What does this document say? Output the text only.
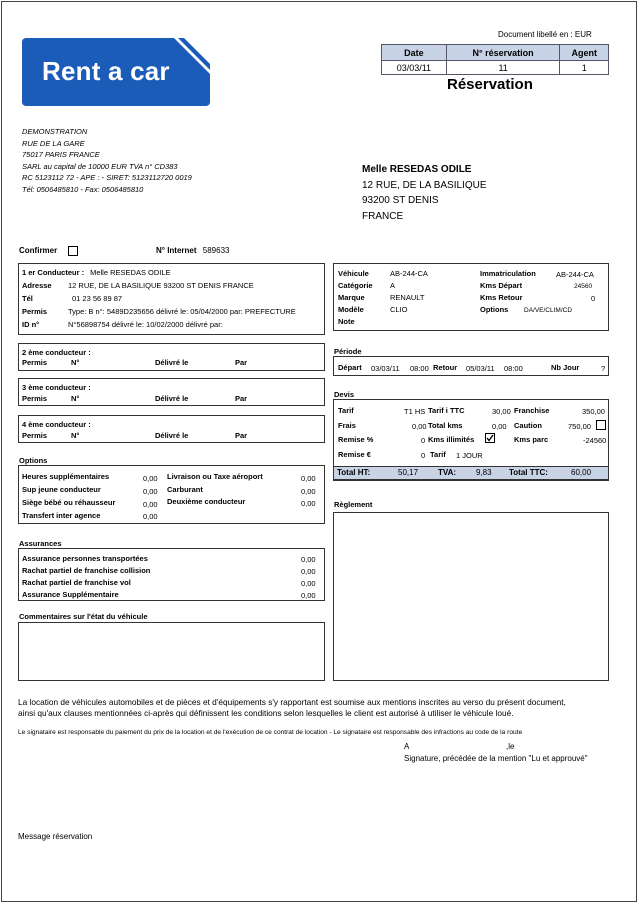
Rent a car
Document libellé en : EUR
Date	N° réservation	Agent
03/03/11	11	1
Réservation
DEMONSTRATION
RUE DE LA GARE
75017 PARIS FRANCE
SARL au capital de 10000 EUR TVA n° CD383
RC 5123112 72 - APE : - SIRET: 5123112720 0019
Tél: 0506485810 - Fax: 0506485810
Melle RESEDAS ODILE
12 RUE, DE LA BASILIQUE
93200 ST DENIS
FRANCE
Confirmer	N° Internet 589633
1 er Conducteur : Melle RESEDAS ODILE
Adresse 12 RUE, DE LA BASILIQUE 93200 ST DENIS FRANCE
Tél	01 23 56 89 87
Permis	Type: B n°: 5489D235656 délivré le: 05/04/2000 par: PREFECTURE
ID n°	N°56898754 délivré le: 10/02/2000 délivré par:
2 ème conducteur :
Permis	N°	Délivré le	Par
3 ème conducteur :
Permis	N°	Délivré le	Par
4 ème conducteur :
Permis	N°	Délivré le	Par
Options
Heures supplémentaires	0,00
Sup jeune conducteur	0,00
Siège bébé ou réhausseur	0,00
Transfert inter agence	0,00
Livraison ou Taxe aéroport	0,00
Carburant	0,00
Deuxième conducteur	0,00
Assurances
Assurance personnes transportées	0,00
Rachat partiel de franchise collision	0,00
Rachat partiel de franchise vol	0,00
Assurance Supplémentaire	0,00
Commentaires sur l'état du véhicule
Véhicule	AB-244-CA
Catégorie A
Marque	RENAULT
Modèle	CLIO
Note
Immatriculation	AB-244-CA
Kms Départ	24560
Kms Retour	0
Options DA/VE/CLIM/CD
Période
Départ 03/03/11 08:00 Retour 05/03/11 08:00	Nb Jour	?
Devis
Tarif	T1 HS Tarif i TTC	30,00 Franchise	350,00
Frais	0,00 Total kms	0,00 Caution	750,00
Remise %	0 Kms illimités	Kms parc	-24560
Remise €	0 Tarif 1 JOUR
Total HT:	50,17 TVA: 9,83 Total TTC:	60,00
Règlement
La location de véhicules automobiles et de pièces et d'équipements s'y rapportant est soumise aux mentions inscrites au verso du présent document,
ainsi qu'aux clauses mentionnées ci-après qui définissent les conditions selon lesquelles le client est autorisé à utiliser le véhicule loué.
Le signataire est responsable du paiement du prix de la location et de l'exécution de ce contrat de location - Le signataire est responsable des infractions au code de la route
A	,le
Signature, précédée de la mention "Lu et approuvé"
Message réservation
